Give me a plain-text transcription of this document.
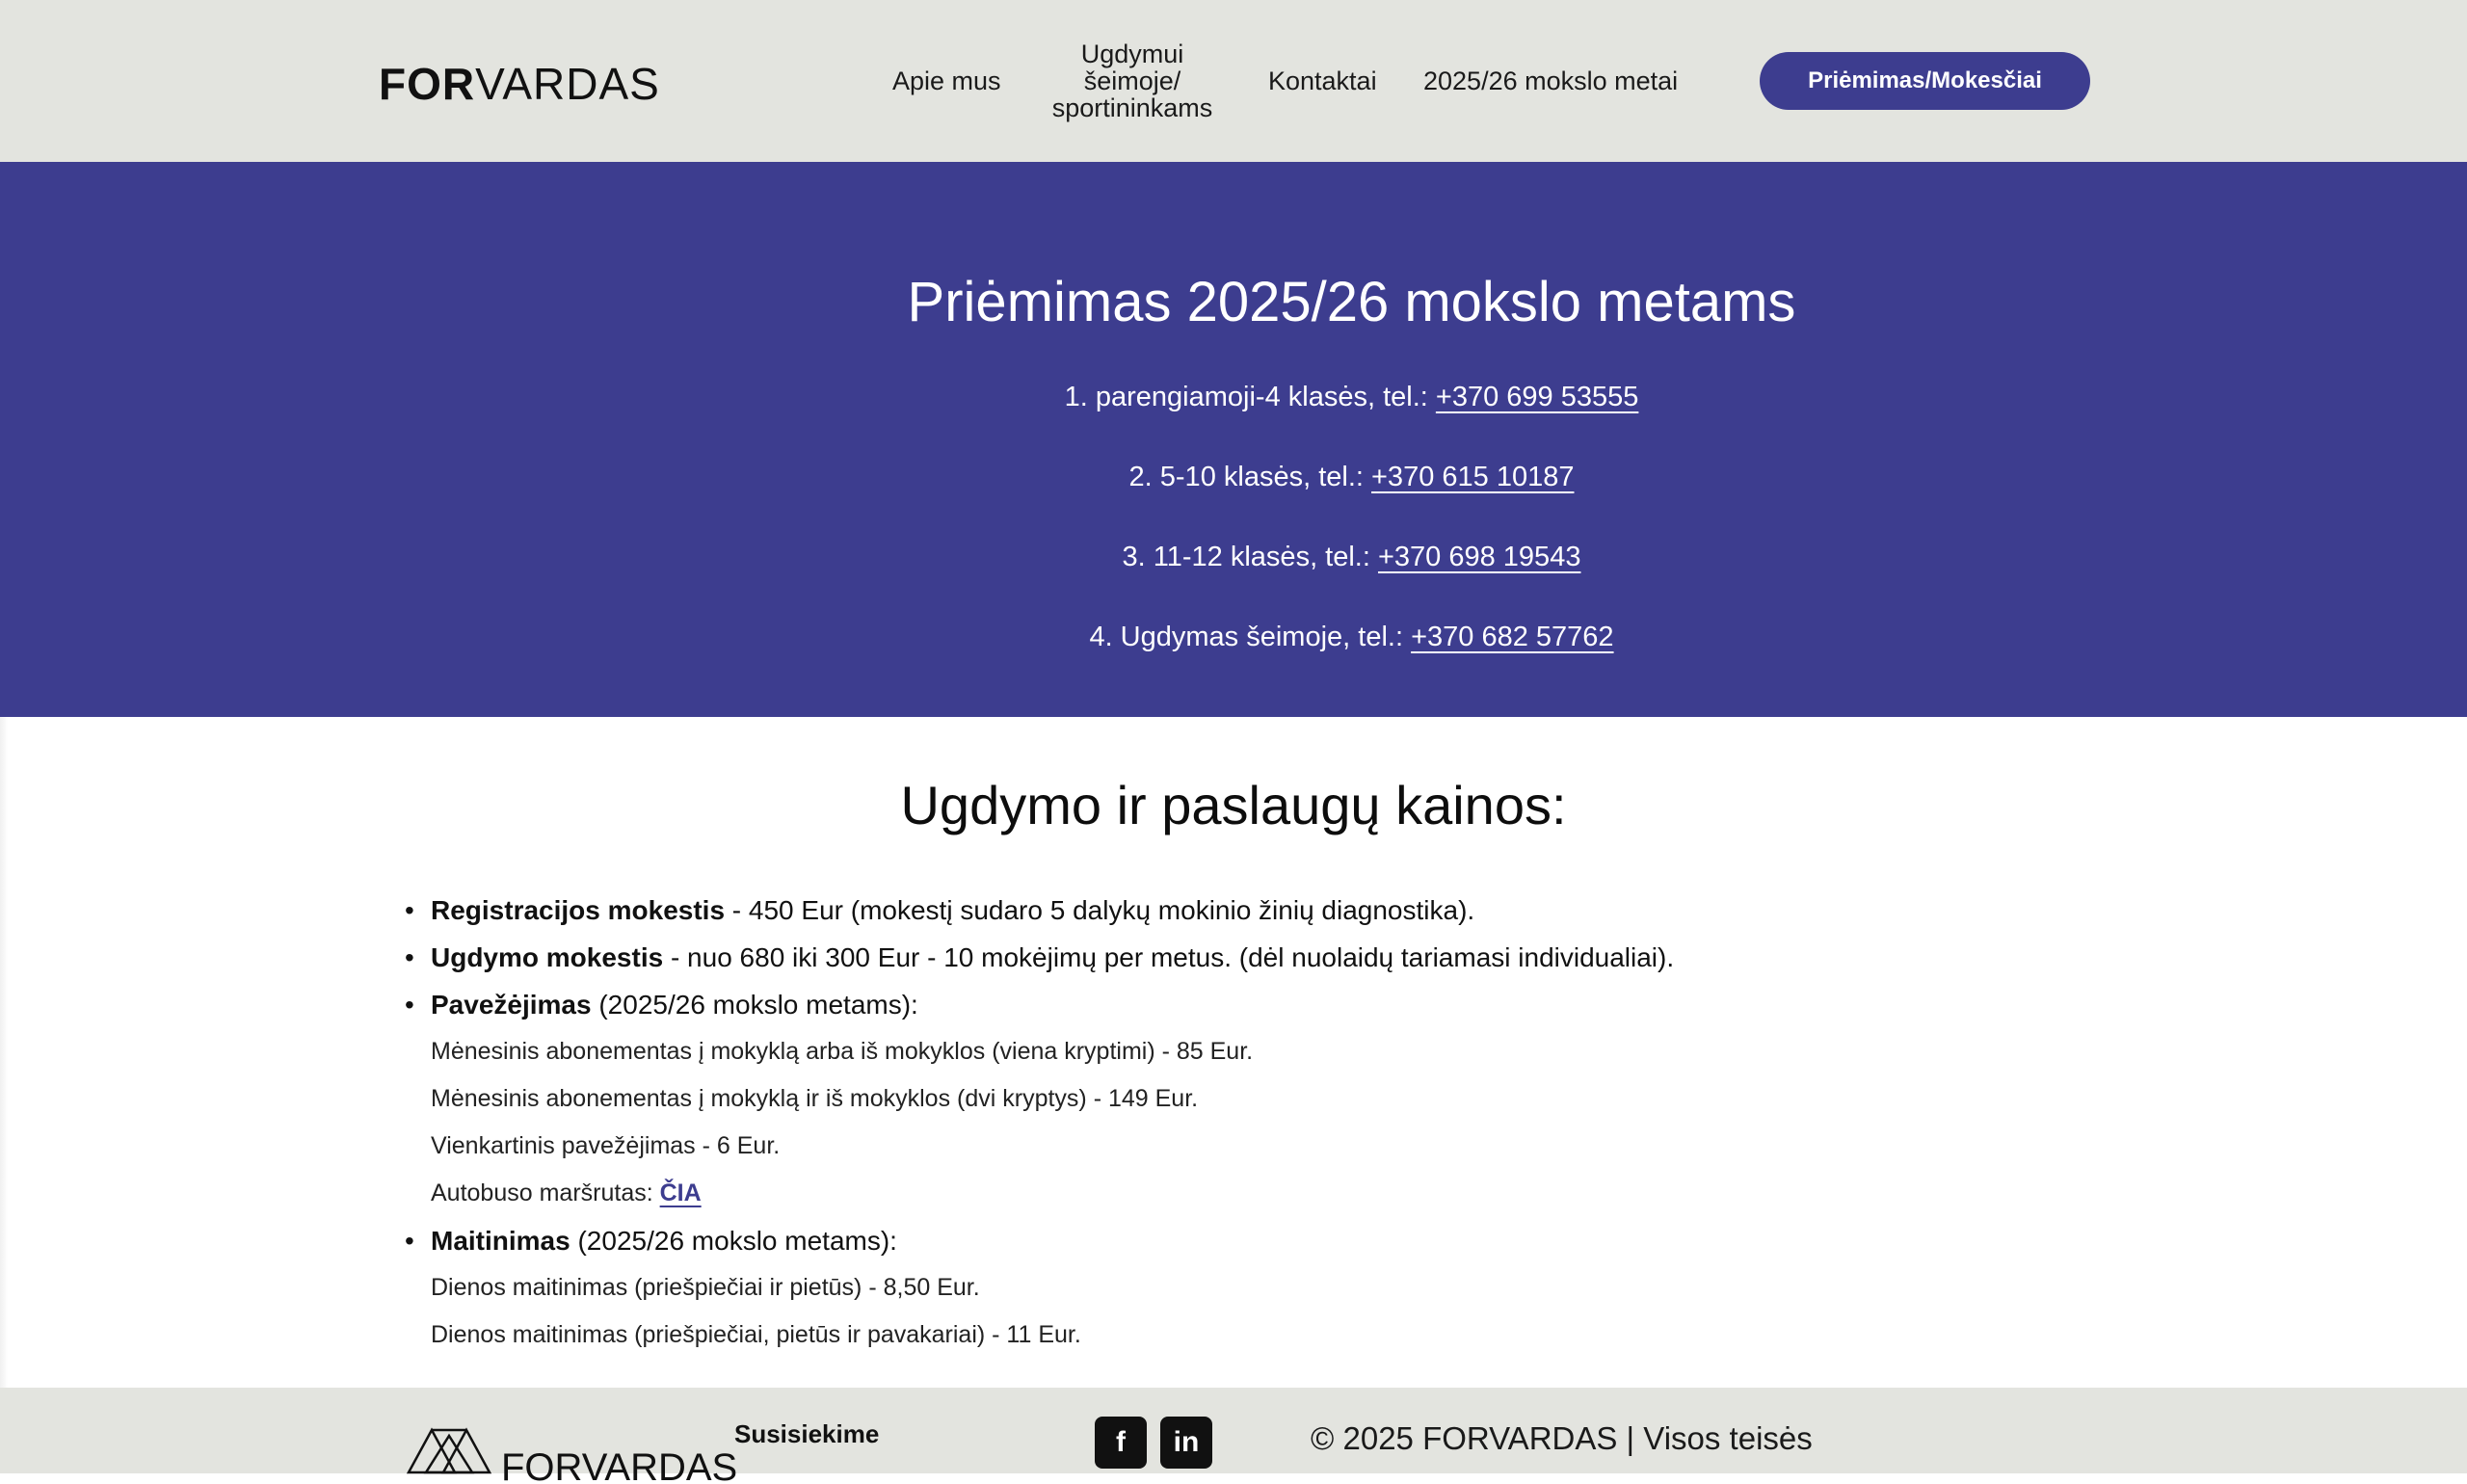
FORVARDAS	Apie mus
Ugdymui šeimoje/ sportininkams
Kontaktai 2025/26 mokslo metai	Priėmimas/Mokesčiai
Priėmimas 2025/26 mokslo metams
1. parengiamoji-4 klasės, tel.: +370 699 53555
2. 5-10 klasės, tel.: +370 615 10187
3. 11-12 klasės, tel.: +370 698 19543
4. Ugdymas šeimoje, tel.: +370 682 57762
Ugdymo ir paslaugų kainos:
• Registracijos mokestis - 450 Eur (mokestį sudaro 5 dalykų mokinio žinių diagnostika).
• Ugdymo mokestis - nuo 680 iki 300 Eur - 10 mokėjimų per metus. (dėl nuolaidų tariamasi individualiai).
• Pavežėjimas (2025/26 mokslo metams):
Mėnesinis abonementas į mokyklą arba iš mokyklos (viena kryptimi) - 85 Eur.
Mėnesinis abonementas į mokyklą ir iš mokyklos (dvi kryptys) - 149 Eur.
Vienkartinis pavežėjimas - 6 Eur.
Autobuso maršrutas: ČIA
• Maitinimas (2025/26 mokslo metams):
Dienos maitinimas (priešpiečiai ir pietūs) - 8,50 Eur.
Dienos maitinimas (priešpiečiai, pietūs ir pavakariai) - 11 Eur.
FORVARDAS
Susisiekime	f	in	© 2025 FORVARDAS | Visos teisės
